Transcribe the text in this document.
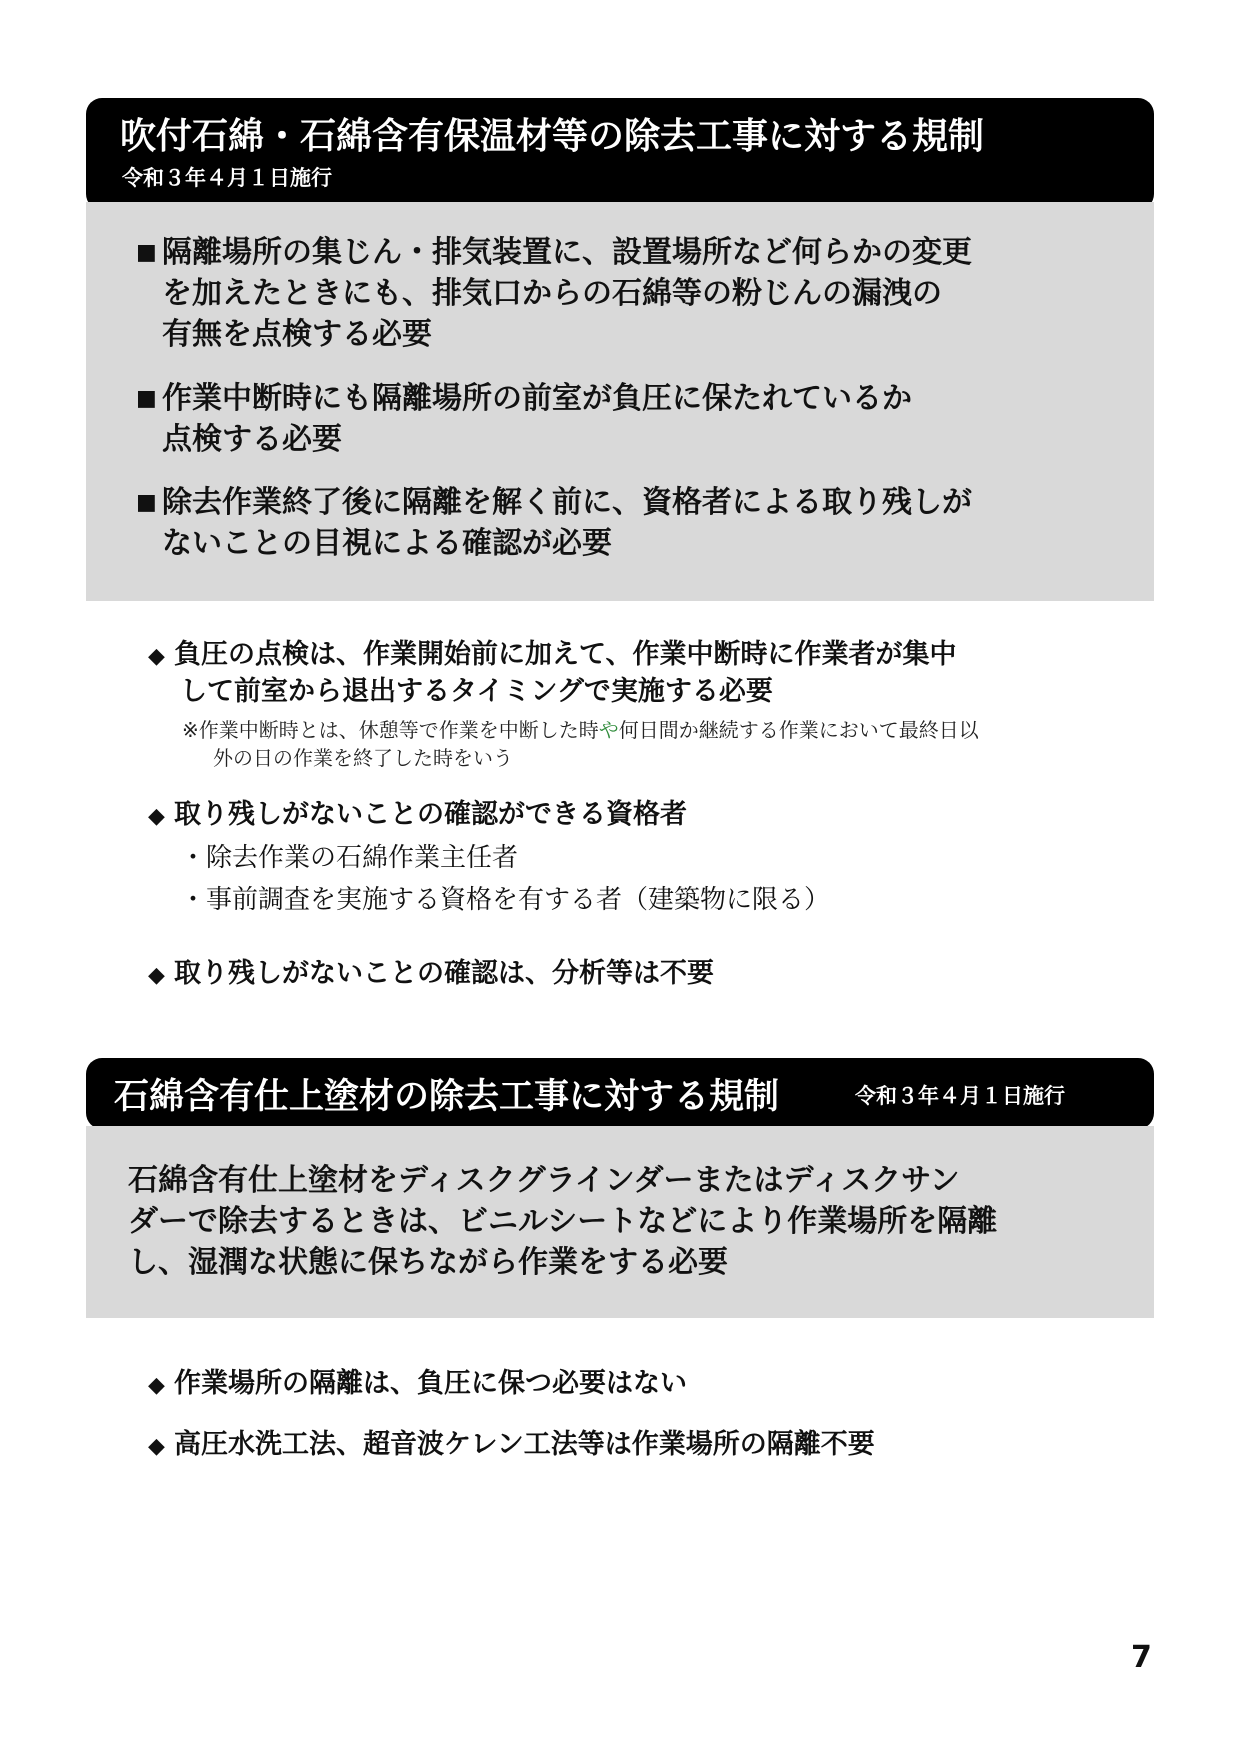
吹付石綿・石綿含有保温材等の除去工事に対する規制
令和３年４月１日施行
■ 隔離場所の集じん・排気装置に、設置場所など何らかの変更
を加えたときにも、排気口からの石綿等の粉じんの漏洩の
有無を点検する必要
■ 作業中断時にも隔離場所の前室が負圧に保たれているか
点検する必要
■ 除去作業終了後に隔離を解く前に、資格者による取り残しが
ないことの目視による確認が必要
◆ 負圧の点検は、作業開始前に加えて、作業中断時に作業者が集中
して前室から退出するタイミングで実施する必要
※作業中断時とは、休憩等で作業を中断した時や何日間か継続する作業において最終日以
外の日の作業を終了した時をいう
◆ 取り残しがないことの確認ができる資格者
・除去作業の石綿作業主任者
・事前調査を実施する資格を有する者（建築物に限る）
◆ 取り残しがないことの確認は、分析等は不要
石綿含有仕上塗材の除去工事に対する規制	令和３年４月１日施行
石綿含有仕上塗材をディスクグラインダーまたはディスクサン
ダーで除去するときは、ビニルシートなどにより作業場所を隔離
し、湿潤な状態に保ちながら作業をする必要
◆ 作業場所の隔離は、負圧に保つ必要はない
◆ 高圧水洗工法、超音波ケレン工法等は作業場所の隔離不要
7
